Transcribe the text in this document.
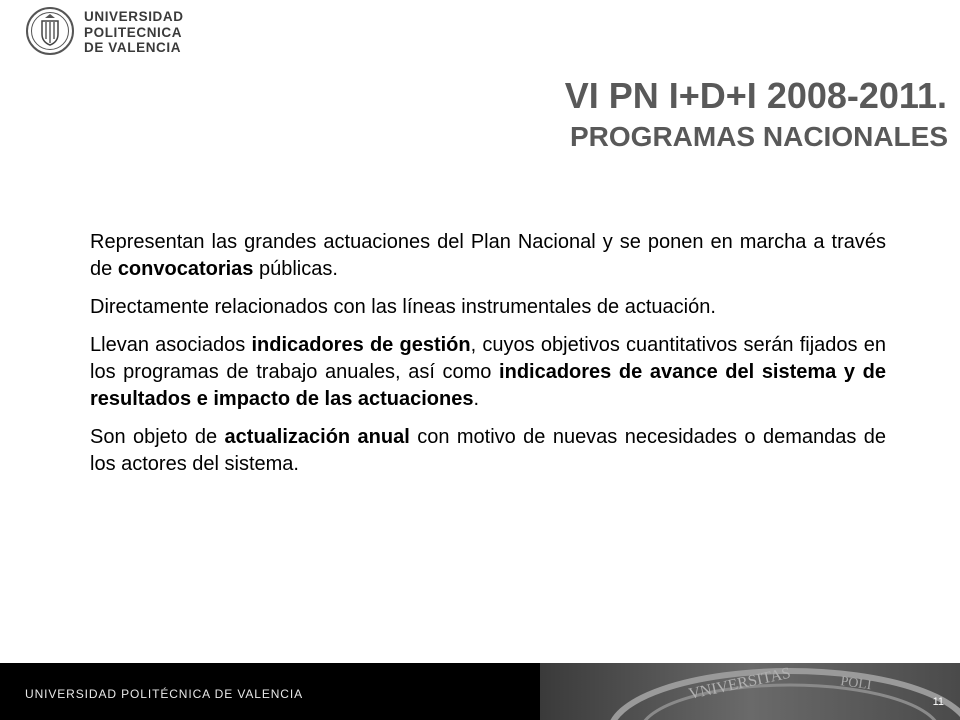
UNIVERSIDAD
POLITECNICA
DE VALENCIA
VI PN I+D+I 2008-2011.
PROGRAMAS NACIONALES

Representan las grandes actuaciones del Plan Nacional y se ponen en marcha a través de convocatorias públicas.

Directamente relacionados con las líneas instrumentales de actuación.

Llevan asociados indicadores de gestión, cuyos objetivos cuantitativos serán fijados en los programas de trabajo anuales, así como indicadores de avance del sistema y de resultados e impacto de las actuaciones.

Son objeto de actualización anual con motivo de nuevas necesidades o demandas de los actores del sistema.

UNIVERSIDAD POLITÉCNICA DE VALENCIA	VNIVERSITAS	POLI
11
